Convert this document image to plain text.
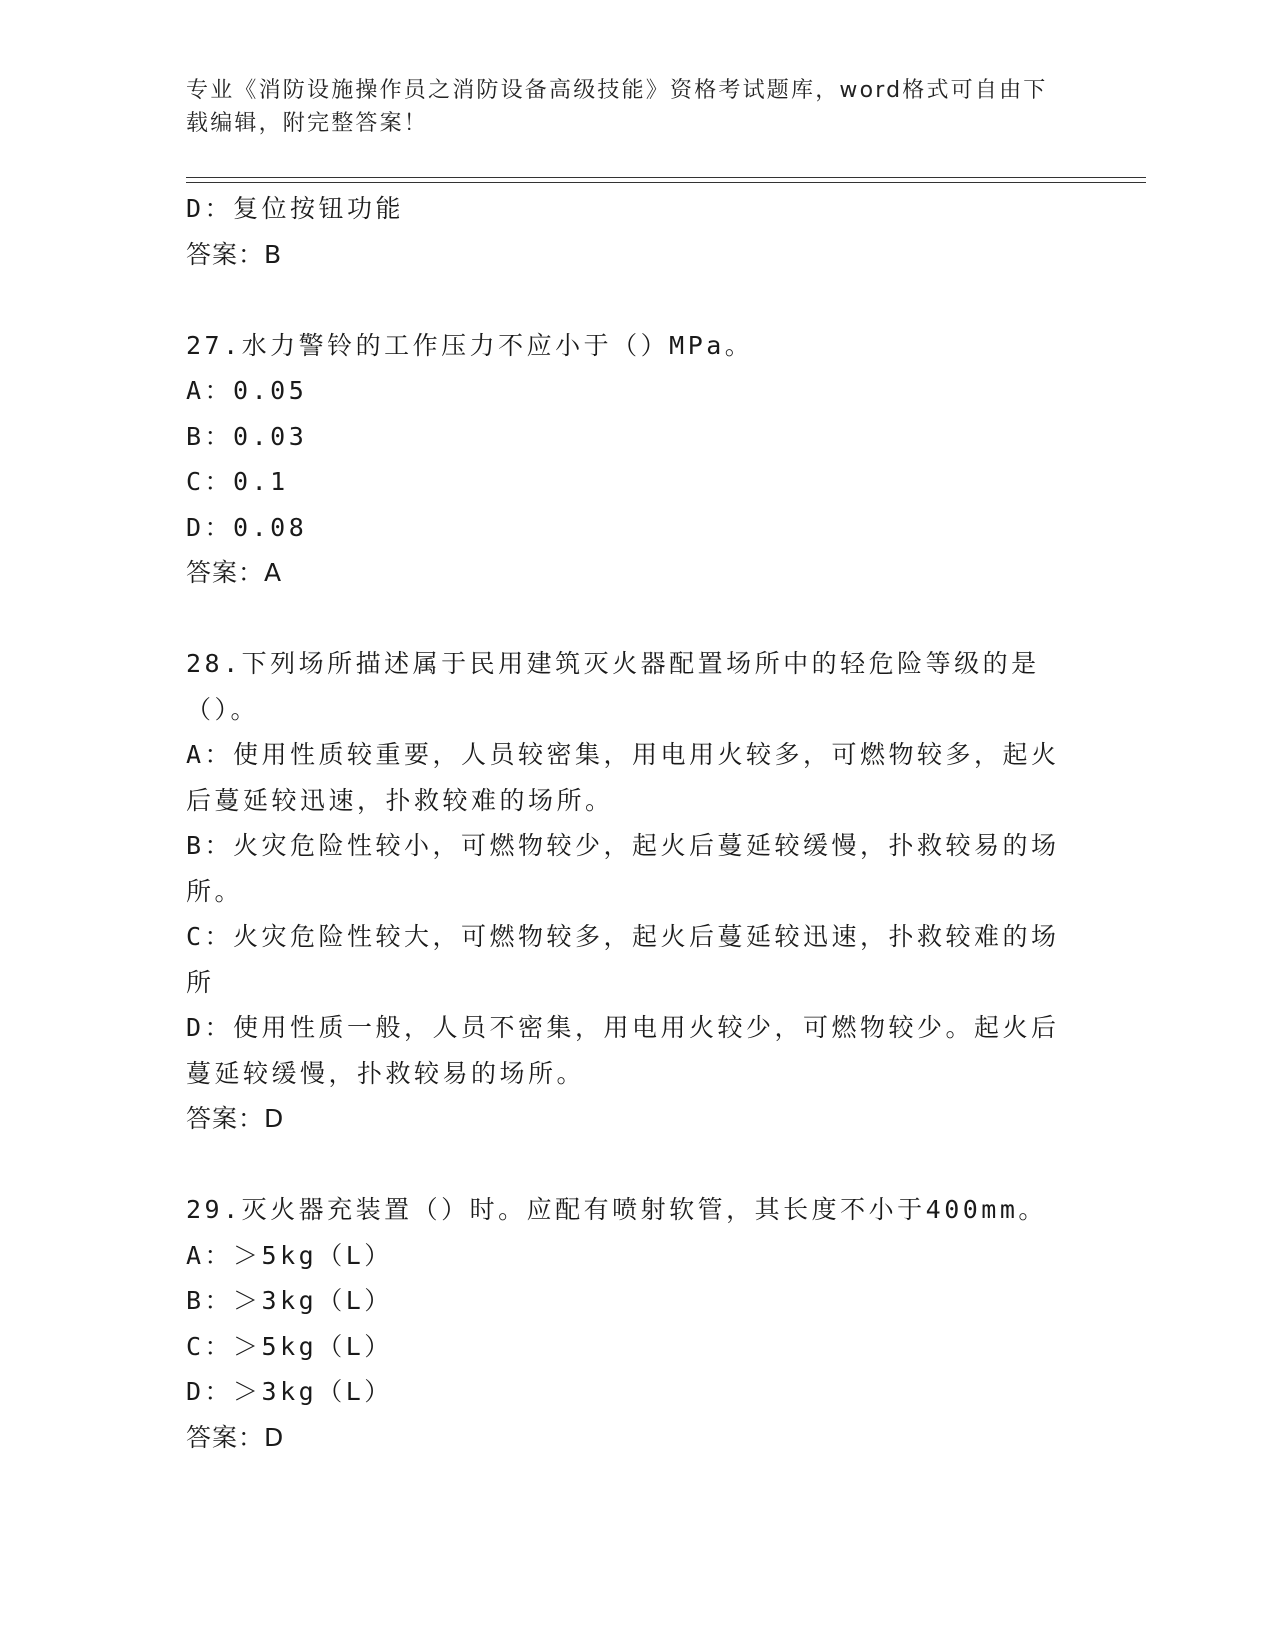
专业《消防设施操作员之消防设备高级技能》资格考试题库，word格式可自由下载编辑，附完整答案！

D：复位按钮功能

答案：B

27.水力警铃的工作压力不应小于（）MPa。

A：0.05

B：0.03

C：0.1

D：0.08

答案：A

28.下列场所描述属于民用建筑灭火器配置场所中的轻危险等级的是（）。

A：使用性质较重要，人员较密集，用电用火较多，可燃物较多，起火后蔓延较迅速，扑救较难的场所。

B：火灾危险性较小，可燃物较少，起火后蔓延较缓慢，扑救较易的场所。

C：火灾危险性较大，可燃物较多，起火后蔓延较迅速，扑救较难的场所

D：使用性质一般，人员不密集，用电用火较少，可燃物较少。起火后蔓延较缓慢，扑救较易的场所。

答案：D

29.灭火器充装置（）时。应配有喷射软管，其长度不小于400mm。

A：＞5kg（L）

B：＞3kg（L）

C：＞5kg（L）

D：＞3kg（L）

答案：D
